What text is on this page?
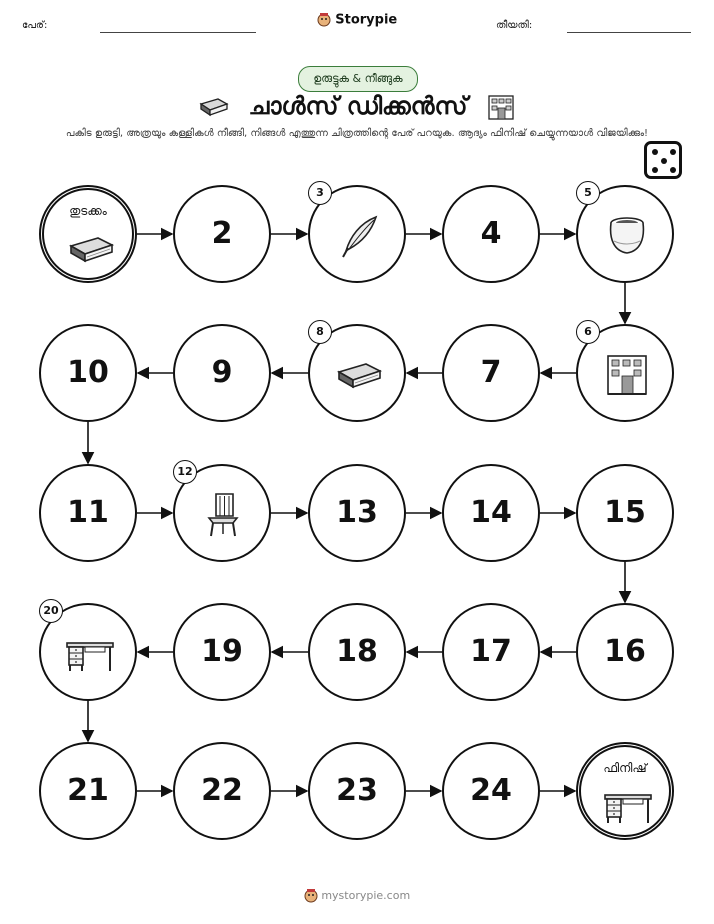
പേര്:	Storypie	തീയതി:
ഉരുട്ടുക & നീങ്ങുക
ചാൾസ് ഡിക്കൻസ്
പകിട ഉരുട്ടി, അത്രയും കള്ളികൾ നീങ്ങി, നിങ്ങൾ എത്തുന്ന ചിത്രത്തിന്റെ പേര് പറയുക. ആദ്യം ഫിനിഷ് ചെയ്യുന്നയാൾ വിജയിക്കും!
തുടക്കം
2
3
4
5
6
7
8
9
10
11
12
13	14	15
16
17
18
19
20
21	22	23	24
ഫിനിഷ്
mystorypie.com
